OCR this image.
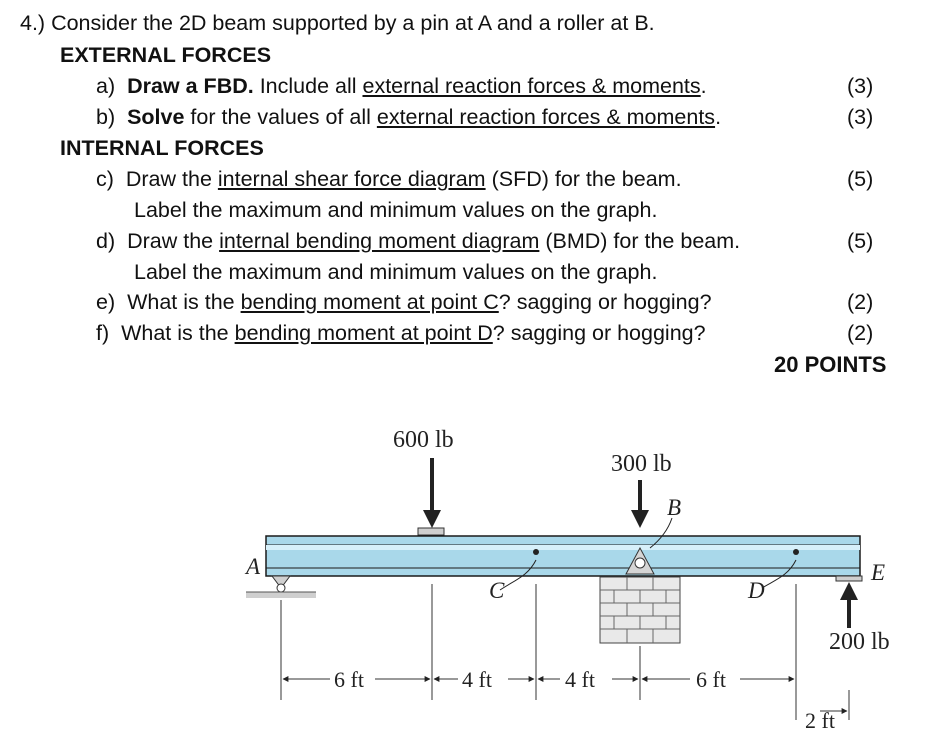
4.) Consider the 2D beam supported by a pin at A and a roller at B.
EXTERNAL FORCES
a) Draw a FBD. Include all external reaction forces & moments.	(3)
b) Solve for the values of all external reaction forces & moments.	(3)
INTERNAL FORCES
c) Draw the internal shear force diagram (SFD) for the beam.	(5)
Label the maximum and minimum values on the graph.
d) Draw the internal bending moment diagram (BMD) for the beam.	(5)
Label the maximum and minimum values on the graph.
e) What is the bending moment at point C? sagging or hogging?	(2)
f) What is the bending moment at point D? sagging or hogging?	(2)
20 POINTS
600 lb
300 lb
200 lb
A
B
C	D
E
6 ft	4 ft	4 ft	6 ft
2 ft
